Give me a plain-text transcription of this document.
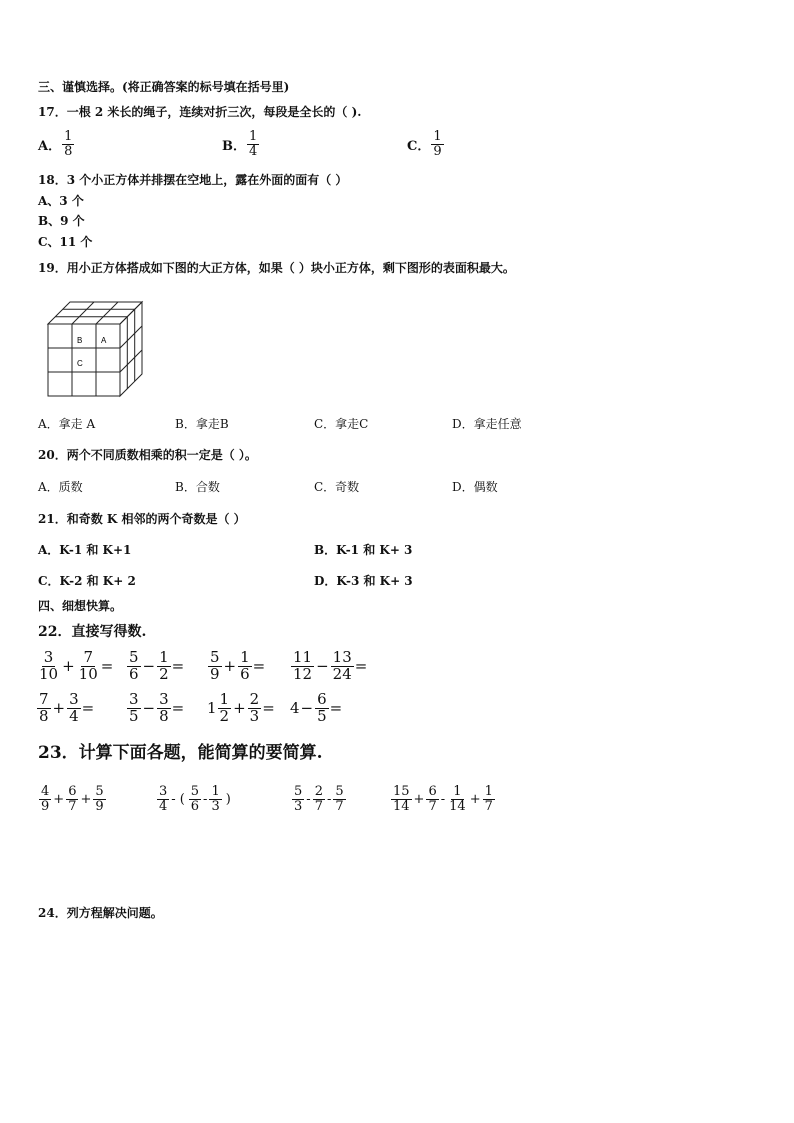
三、谨慎选择。(将正确答案的标号填在括号里)
17．一根 2 米长的绳子，连续对折三次，每段是全长的（ ).
A． $\frac{1}{8}$	B． $\frac{1}{4}$	C． $\frac{1}{9}$
18．3 个小正方体并排摆在空地上，露在外面的面有（ ）
A、3 个
B、9 个
C、11 个
19．用小正方体搭成如下图的大正方体，如果（ ）块小正方体，剩下图形的表面积最大。
B A
C
A．拿走 A	B．拿走B	C．拿走C	D．拿走任意
20．两个不同质数相乘的积一定是（ ）。
A．质数	B．合数	C．奇数	D．偶数
21．和奇数 K 相邻的两个奇数是（ ）
A．K-1 和 K+1	B．K-1 和 K+ 3
C．K-2 和 K+ 2	D．K-3 和 K+ 3
四、细想快算。
22．直接写得数.
$\frac{3}{10} + \frac{7}{10} = \frac{5}{6} - \frac{1}{2} = \frac{5}{9} + \frac{1}{6} = \frac{11}{12} - \frac{13}{24}$ =
$\frac{7}{8} + \frac{3}{4} = \frac{3}{5} - \frac{3}{8} = 1 \frac{1}{2} + \frac{2}{3} = 4 - \frac{6}{5}$ =
23．计算下面各题，能简算的要简算.
$\frac{4}{9} + \frac{6}{7} + \frac{5}{9}$	$\frac{3}{4}$ - ( $\frac{5}{6} - \frac{1}{3}$ )	$\frac{5}{3} - \frac{2}{7} - \frac{5}{7}$	$\frac{15}{14} + \frac{6}{7} - \frac{1}{14} + \frac{1}{7}$
24．列方程解决问题。
